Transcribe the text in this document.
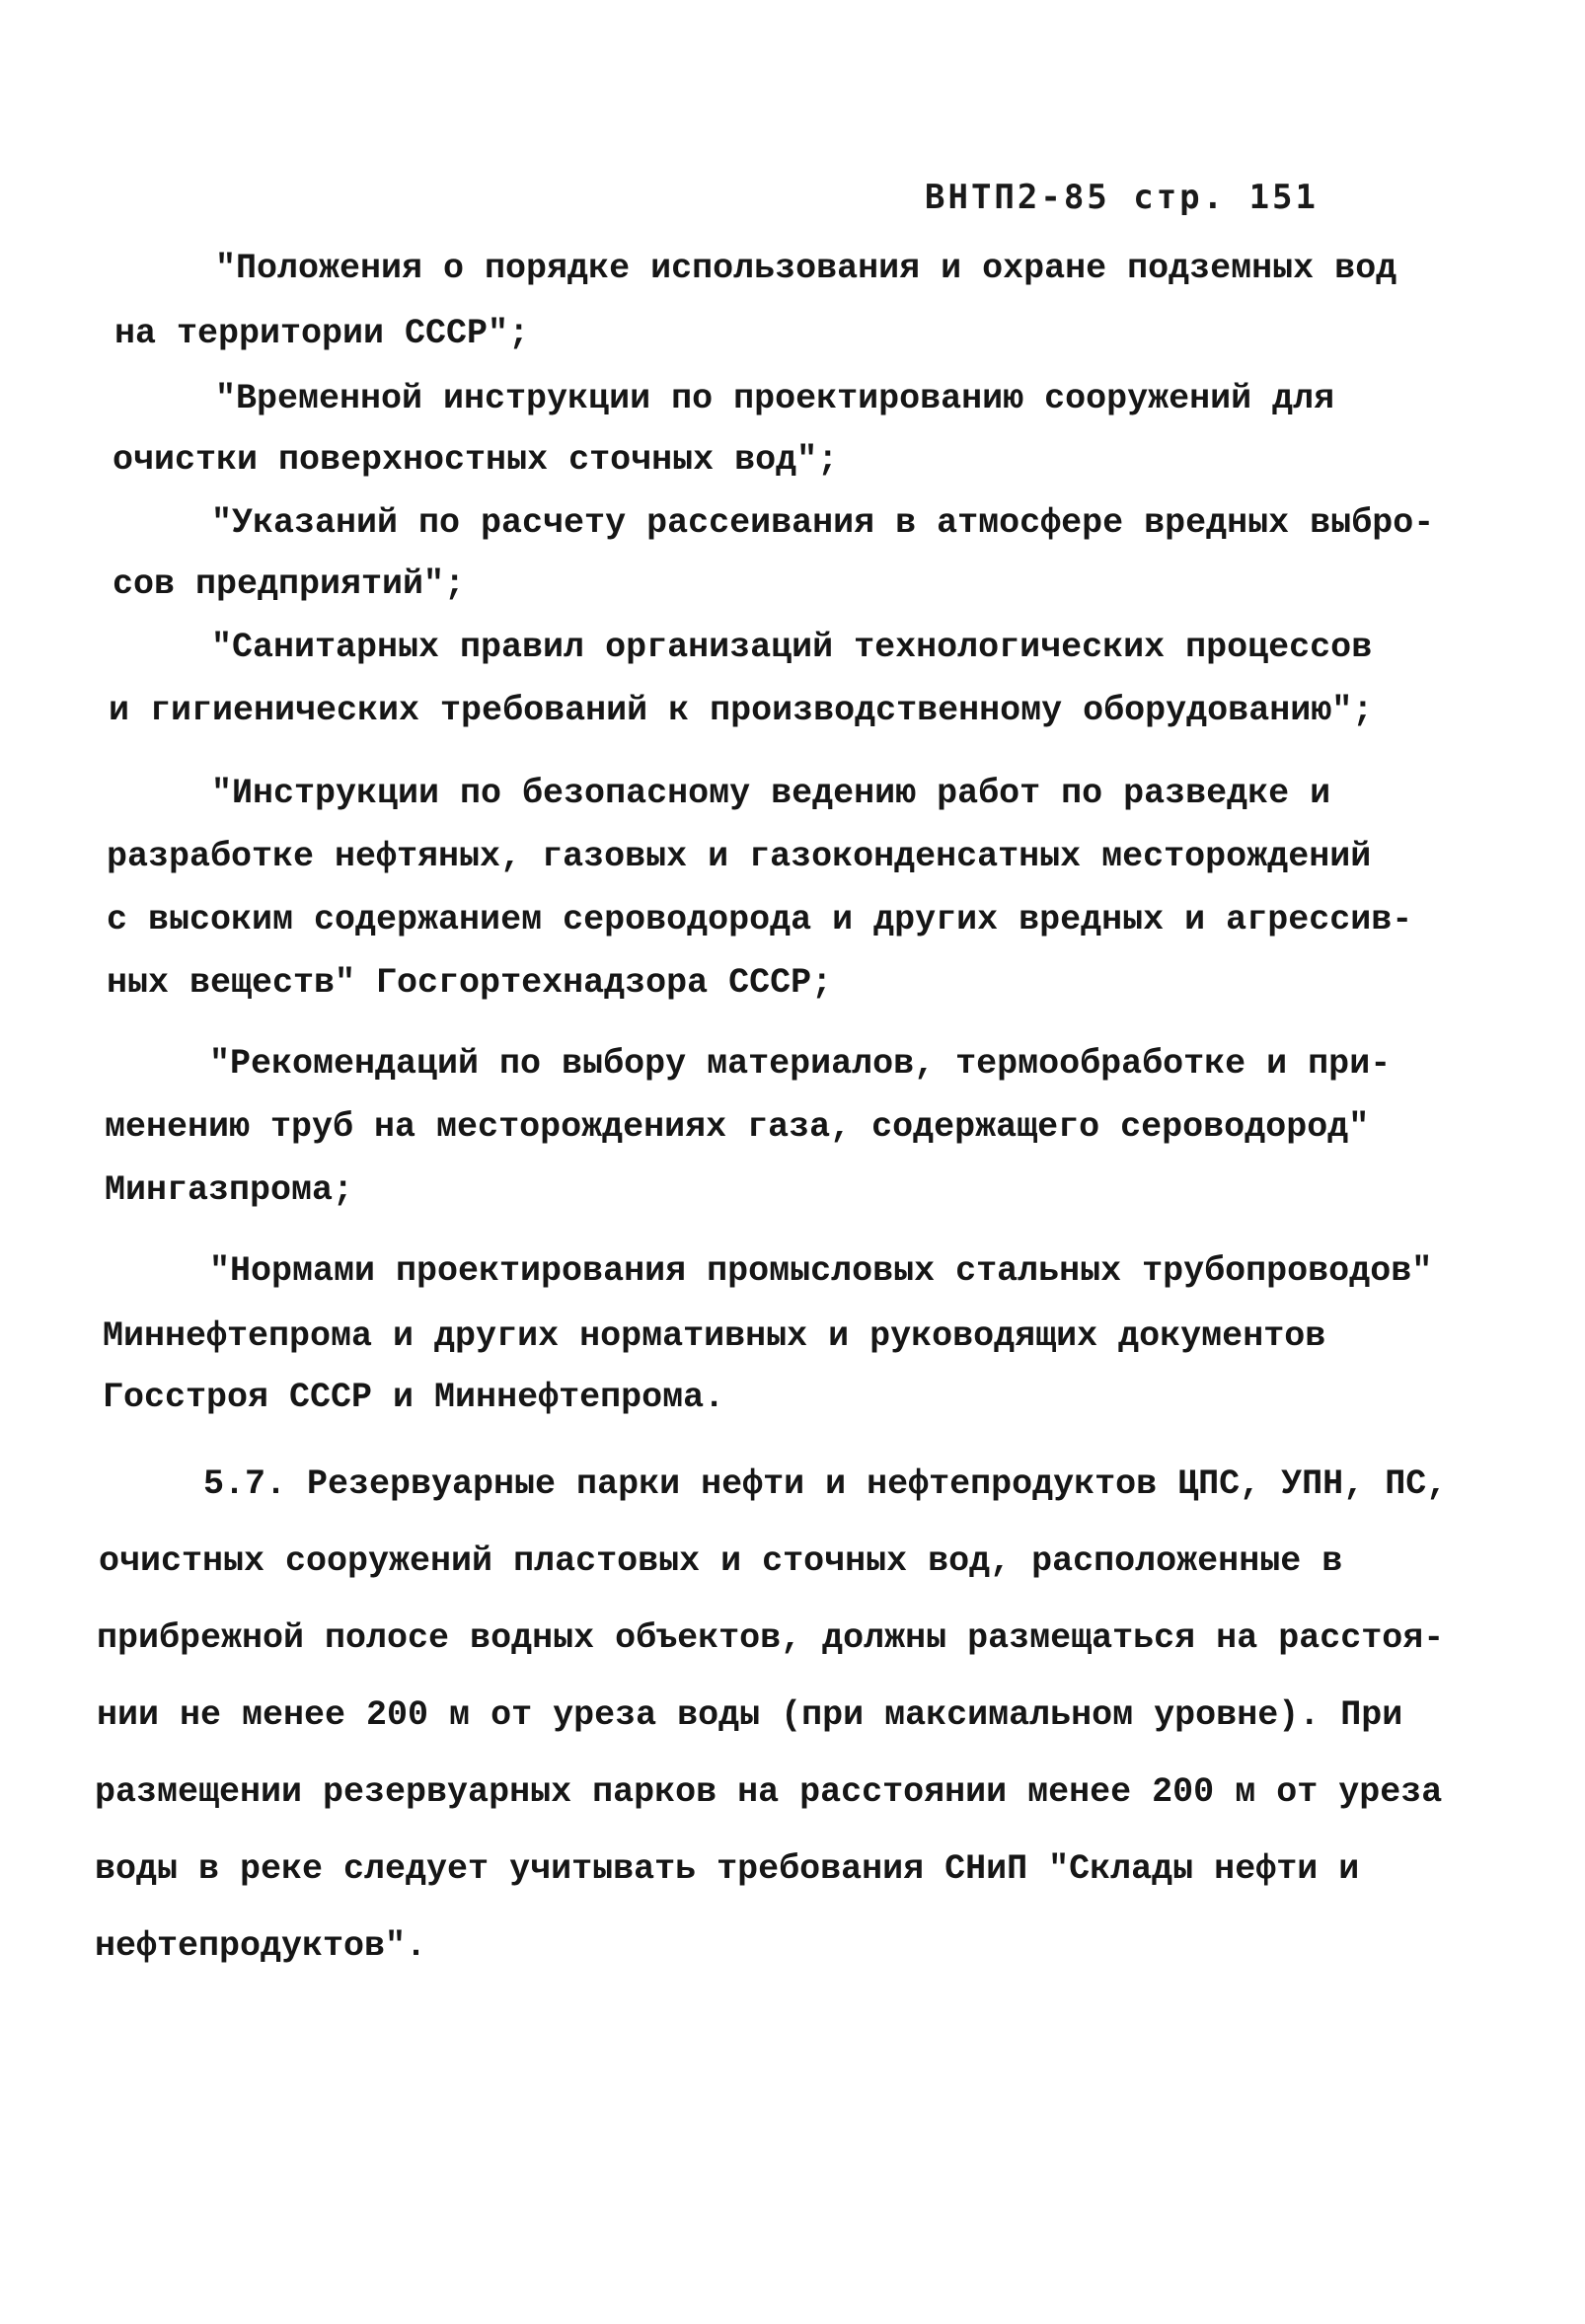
ВНТП2-85 стр. 151
"Положения о порядке использования и охране подземных вод
на территории СССР";
"Временной инструкции по проектированию сооружений для
очистки поверхностных сточных вод";
"Указаний по расчету рассеивания в атмосфере вредных выбро-
сов предприятий";
"Санитарных правил организаций технологических процессов
и гигиенических требований к производственному оборудованию";
"Инструкции по безопасному ведению работ по разведке и
разработке нефтяных, газовых и газоконденсатных месторождений
с высоким содержанием сероводорода и других вредных и агрессив-
ных веществ" Госгортехнадзора СССР;
"Рекомендаций по выбору материалов, термообработке и при-
менению труб на месторождениях газа, содержащего сероводород"
Мингазпрома;
"Нормами проектирования промысловых стальных трубопроводов"
Миннефтепрома и других нормативных и руководящих документов
Госстроя СССР и Миннефтепрома.
5.7. Резервуарные парки нефти и нефтепродуктов ЦПС, УПН, ПС,
очистных сооружений пластовых и сточных вод, расположенные в
прибрежной полосе водных объектов, должны размещаться на расстоя-
нии не менее 200 м от уреза воды (при максимальном уровне). При
размещении резервуарных парков на расстоянии менее 200 м от уреза
воды в реке следует учитывать требования СНиП "Склады нефти и
нефтепродуктов".
